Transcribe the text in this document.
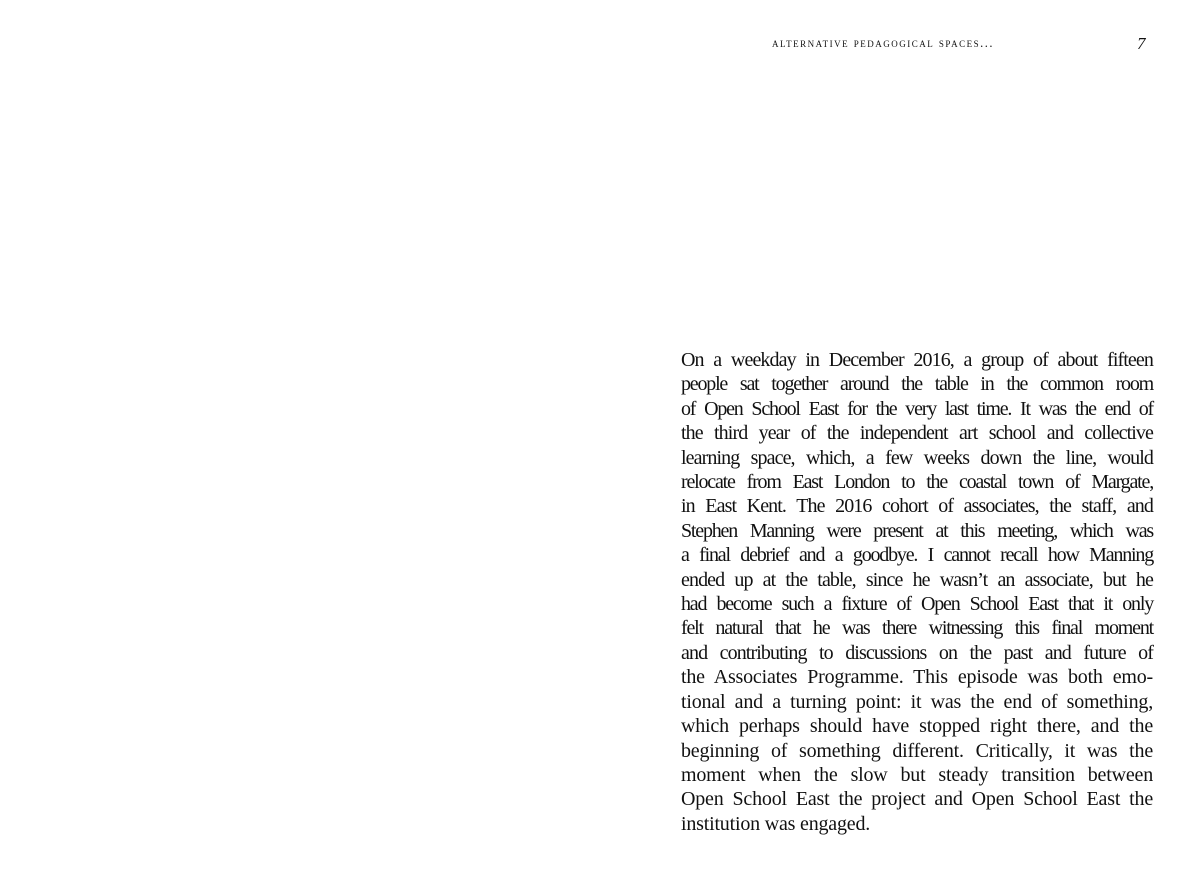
alternative pedagogical spaces...	7
On a weekday in December 2016, a group of about fifteen
people sat together around the table in the common room
of Open School East for the very last time. It was the end of
the third year of the independent art school and collective
learning space, which, a few weeks down the line, would
relocate from East London to the coastal town of Margate,
in East Kent. The 2016 cohort of associates, the staff, and
Stephen Manning were present at this meeting, which was
a final debrief and a goodbye. I cannot recall how Manning
ended up at the table, since he wasn’t an associate, but he
had become such a fixture of Open School East that it only
felt natural that he was there witnessing this final moment
and contributing to discussions on the past and future of
the Associates Programme. This episode was both emo-
tional and a turning point: it was the end of something,
which perhaps should have stopped right there, and the
beginning of something different. Critically, it was the
moment when the slow but steady transition between
Open School East the project and Open School East the
institution was engaged.
